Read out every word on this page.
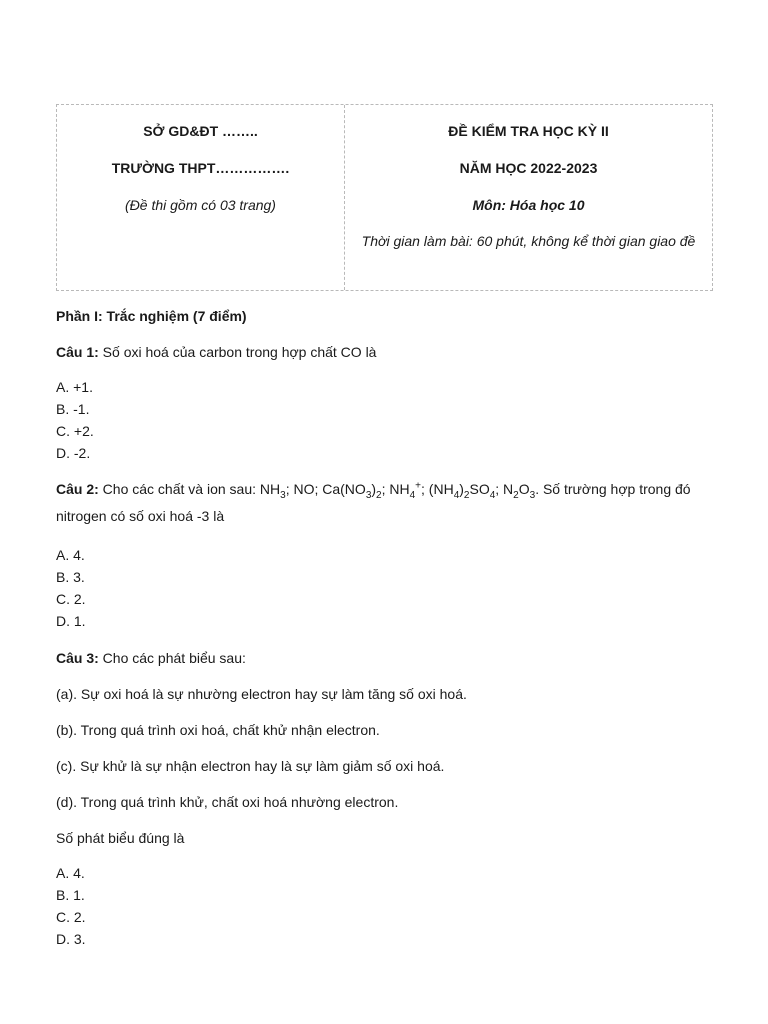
SỞ GD&ĐT ……..

TRƯỜNG THPT…………….

(Đề thi gồm có 03 trang)

ĐỀ KIỂM TRA HỌC KỲ II

NĂM HỌC 2022-2023

Môn: Hóa học 10

Thời gian làm bài: 60 phút, không kể thời gian giao đề

Phần I: Trắc nghiệm (7 điểm)

Câu 1: Số oxi hoá của carbon trong hợp chất CO là

A. +1.
B. -1.
C. +2.
D. -2.

Câu 2: Cho các chất và ion sau: $NH_3$; NO; $Ca(NO_3)_2$; $NH_4^+$; $(NH_4)_2SO_4$; $N_2O_3$. Số trường hợp trong đó nitrogen có số oxi hoá -3 là

A. 4.
B. 3.
C. 2.
D. 1.

Câu 3: Cho các phát biểu sau:

(a). Sự oxi hoá là sự nhường electron hay sự làm tăng số oxi hoá.

(b). Trong quá trình oxi hoá, chất khử nhận electron.

(c). Sự khử là sự nhận electron hay là sự làm giảm số oxi hoá.

(d). Trong quá trình khử, chất oxi hoá nhường electron.

Số phát biểu đúng là

A. 4.
B. 1.
C. 2.
D. 3.
